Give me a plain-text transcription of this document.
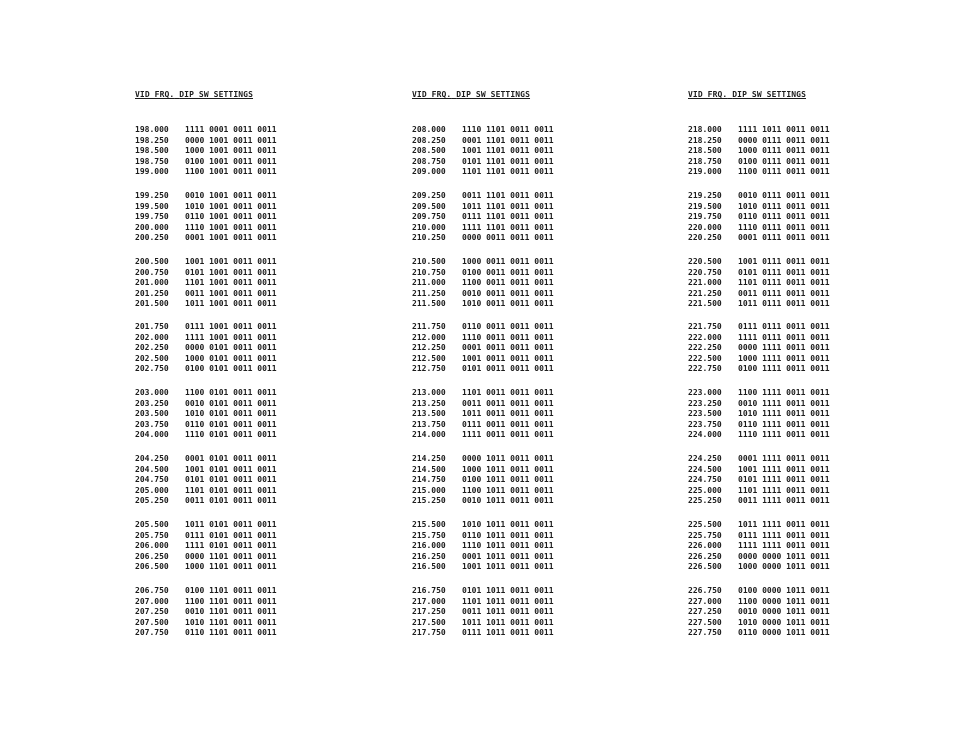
VID FRQ. DIP SW SETTINGS
198.000 1111 0001 0011 0011
198.250 0000 1001 0011 0011
198.500 1000 1001 0011 0011
198.750 0100 1001 0011 0011
199.000 1100 1001 0011 0011
199.250 0010 1001 0011 0011
199.500 1010 1001 0011 0011
199.750 0110 1001 0011 0011
200.000 1110 1001 0011 0011
200.250 0001 1001 0011 0011
200.500 1001 1001 0011 0011
200.750 0101 1001 0011 0011
201.000 1101 1001 0011 0011
201.250 0011 1001 0011 0011
201.500 1011 1001 0011 0011
201.750 0111 1001 0011 0011
202.000 1111 1001 0011 0011
202.250 0000 0101 0011 0011
202.500 1000 0101 0011 0011
202.750 0100 0101 0011 0011
203.000 1100 0101 0011 0011
203.250 0010 0101 0011 0011
203.500 1010 0101 0011 0011
203.750 0110 0101 0011 0011
204.000 1110 0101 0011 0011
204.250 0001 0101 0011 0011
204.500 1001 0101 0011 0011
204.750 0101 0101 0011 0011
205.000 1101 0101 0011 0011
205.250 0011 0101 0011 0011
205.500 1011 0101 0011 0011
205.750 0111 0101 0011 0011
206.000 1111 0101 0011 0011
206.250 0000 1101 0011 0011
206.500 1000 1101 0011 0011
206.750 0100 1101 0011 0011
207.000 1100 1101 0011 0011
207.250 0010 1101 0011 0011
207.500 1010 1101 0011 0011
207.750 0110 1101 0011 0011
VID FRQ. DIP SW SETTINGS
208.000 1110 1101 0011 0011
208.250 0001 1101 0011 0011
208.500 1001 1101 0011 0011
208.750 0101 1101 0011 0011
209.000 1101 1101 0011 0011
209.250 0011 1101 0011 0011
209.500 1011 1101 0011 0011
209.750 0111 1101 0011 0011
210.000 1111 1101 0011 0011
210.250 0000 0011 0011 0011
210.500 1000 0011 0011 0011
210.750 0100 0011 0011 0011
211.000 1100 0011 0011 0011
211.250 0010 0011 0011 0011
211.500 1010 0011 0011 0011
211.750 0110 0011 0011 0011
212.000 1110 0011 0011 0011
212.250 0001 0011 0011 0011
212.500 1001 0011 0011 0011
212.750 0101 0011 0011 0011
213.000 1101 0011 0011 0011
213.250 0011 0011 0011 0011
213.500 1011 0011 0011 0011
213.750 0111 0011 0011 0011
214.000 1111 0011 0011 0011
214.250 0000 1011 0011 0011
214.500 1000 1011 0011 0011
214.750 0100 1011 0011 0011
215.000 1100 1011 0011 0011
215.250 0010 1011 0011 0011
215.500 1010 1011 0011 0011
215.750 0110 1011 0011 0011
216.000 1110 1011 0011 0011
216.250 0001 1011 0011 0011
216.500 1001 1011 0011 0011
216.750 0101 1011 0011 0011
217.000 1101 1011 0011 0011
217.250 0011 1011 0011 0011
217.500 1011 1011 0011 0011
217.750 0111 1011 0011 0011
VID FRQ. DIP SW SETTINGS
218.000 1111 1011 0011 0011
218.250 0000 0111 0011 0011
218.500 1000 0111 0011 0011
218.750 0100 0111 0011 0011
219.000 1100 0111 0011 0011
219.250 0010 0111 0011 0011
219.500 1010 0111 0011 0011
219.750 0110 0111 0011 0011
220.000 1110 0111 0011 0011
220.250 0001 0111 0011 0011
220.500 1001 0111 0011 0011
220.750 0101 0111 0011 0011
221.000 1101 0111 0011 0011
221.250 0011 0111 0011 0011
221.500 1011 0111 0011 0011
221.750 0111 0111 0011 0011
222.000 1111 0111 0011 0011
222.250 0000 1111 0011 0011
222.500 1000 1111 0011 0011
222.750 0100 1111 0011 0011
223.000 1100 1111 0011 0011
223.250 0010 1111 0011 0011
223.500 1010 1111 0011 0011
223.750 0110 1111 0011 0011
224.000 1110 1111 0011 0011
224.250 0001 1111 0011 0011
224.500 1001 1111 0011 0011
224.750 0101 1111 0011 0011
225.000 1101 1111 0011 0011
225.250 0011 1111 0011 0011
225.500 1011 1111 0011 0011
225.750 0111 1111 0011 0011
226.000 1111 1111 0011 0011
226.250 0000 0000 1011 0011
226.500 1000 0000 1011 0011
226.750 0100 0000 1011 0011
227.000 1100 0000 1011 0011
227.250 0010 0000 1011 0011
227.500 1010 0000 1011 0011
227.750 0110 0000 1011 0011
